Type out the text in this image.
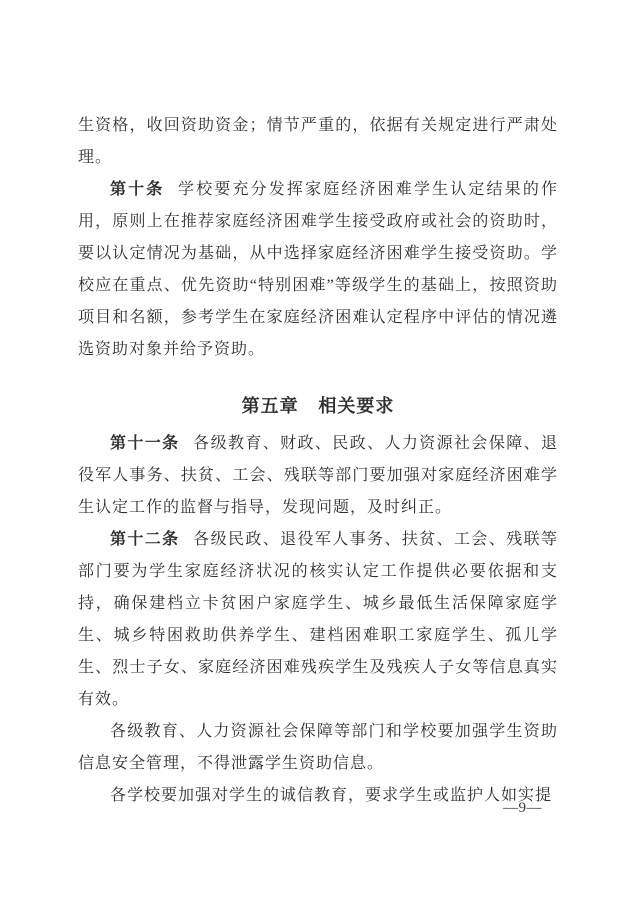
生资格，收回资助资金；情节严重的，依据有关规定进行严肃处理。

第十条 学校要充分发挥家庭经济困难学生认定结果的作用，原则上在推荐家庭经济困难学生接受政府或社会的资助时，要以认定情况为基础，从中选择家庭经济困难学生接受资助。学校应在重点、优先资助“特别困难”等级学生的基础上，按照资助项目和名额，参考学生在家庭经济困难认定程序中评估的情况遴选资助对象并给予资助。

第五章 相关要求

第十一条 各级教育、财政、民政、人力资源社会保障、退役军人事务、扶贫、工会、残联等部门要加强对家庭经济困难学生认定工作的监督与指导，发现问题，及时纠正。

第十二条 各级民政、退役军人事务、扶贫、工会、残联等部门要为学生家庭经济状况的核实认定工作提供必要依据和支持，确保建档立卡贫困户家庭学生、城乡最低生活保障家庭学生、城乡特困救助供养学生、建档困难职工家庭学生、孤儿学生、烈士子女、家庭经济困难残疾学生及残疾人子女等信息真实有效。

各级教育、人力资源社会保障等部门和学校要加强学生资助信息安全管理，不得泄露学生资助信息。

各学校要加强对学生的诚信教育，要求学生或监护人如实提

—9—
